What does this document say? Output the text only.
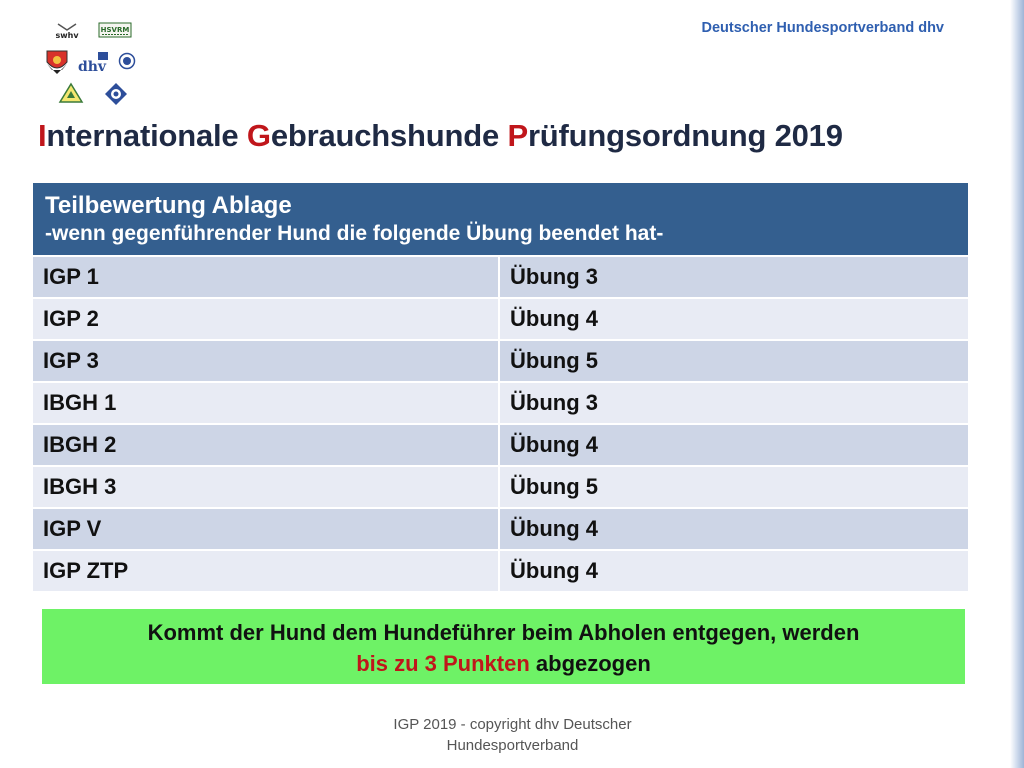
Deutscher Hundesportverband dhv
swhv
HSVRM
dhv
Internationale Gebrauchshunde Prüfungsordnung 2019
Teilbewertung Ablage
-wenn gegenführender Hund die folgende Übung beendet hat-
IGP 1	Übung 3
IGP 2	Übung 4
IGP 3	Übung 5
IBGH 1	Übung 3
IBGH 2	Übung 4
IBGH 3	Übung 5
IGP V	Übung 4
IGP ZTP	Übung 4
Kommt der Hund dem Hundeführer beim Abholen entgegen, werden
bis zu 3 Punkten abgezogen
IGP 2019 - copyright dhv Deutscher
Hundesportverband
